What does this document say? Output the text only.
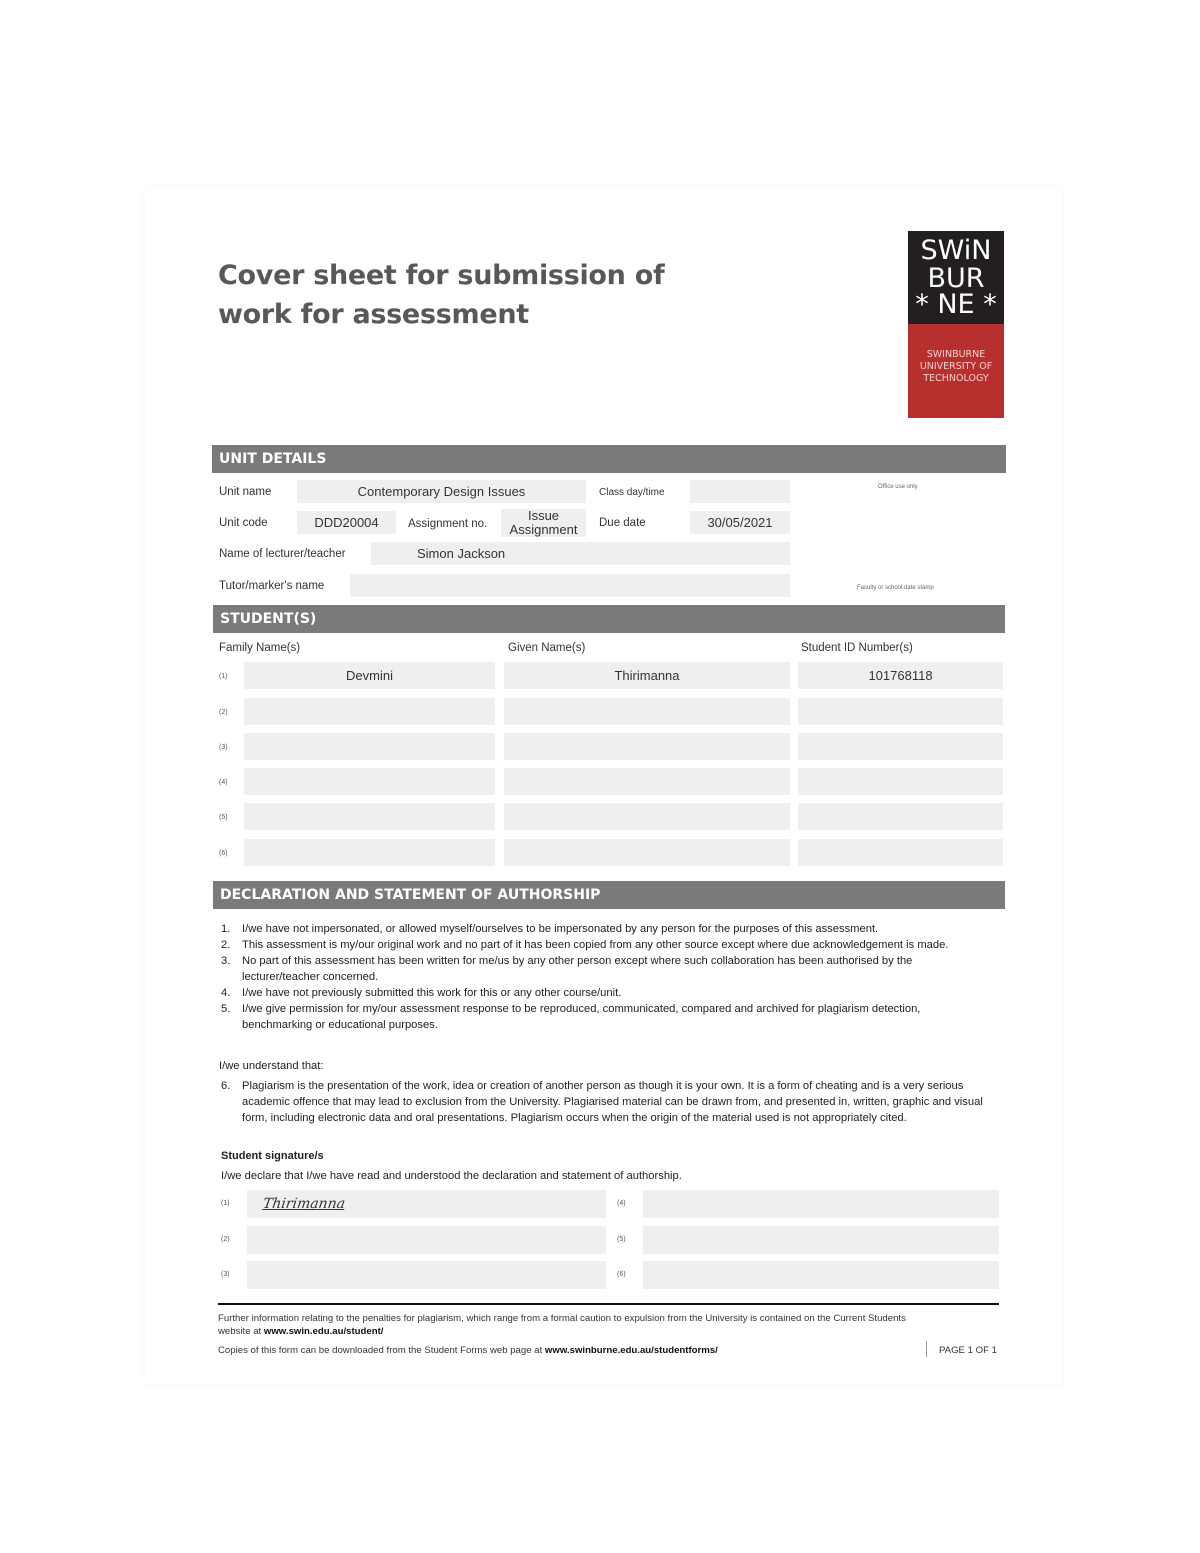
Cover sheet for submission of
work for assessment
SWiN
BUR
* NE *
SWINBURNE
UNIVERSITY OF
TECHNOLOGY
UNIT DETAILS
Unit name	Contemporary Design Issues	Class day/time	Office use only
Unit code	DDD20004	Assignment no.
Issue
Assignment	Due date	30/05/2021
Name of lecturer/teacher	Simon Jackson
Tutor/marker's name	Faculty or school date stamp
STUDENT(S)
Family Name(s)	Given Name(s)	Student ID Number(s)
(1)	Devmini	Thirimanna	101768118
(2)
(3)
(4)
(5)
(6)
DECLARATION AND STATEMENT OF AUTHORSHIP
1. I/we have not impersonated, or allowed myself/ourselves to be impersonated by any person for the purposes of this assessment.
2. This assessment is my/our original work and no part of it has been copied from any other source except where due acknowledgement is made.
3. No part of this assessment has been written for me/us by any other person except where such collaboration has been authorised by the lecturer/teacher concerned.
4. I/we have not previously submitted this work for this or any other course/unit.
5. I/we give permission for my/our assessment response to be reproduced, communicated, compared and archived for plagiarism detection, benchmarking or educational purposes.
I/we understand that:
6. Plagiarism is the presentation of the work, idea or creation of another person as though it is your own. It is a form of cheating and is a very serious academic offence that may lead to exclusion from the University. Plagiarised material can be drawn from, and presented in, written, graphic and visual form, including electronic data and oral presentations. Plagiarism occurs when the origin of the material used is not appropriately cited.
Student signature/s
I/we declare that I/we have read and understood the declaration and statement of authorship.
(1)	Thirimanna
(2)
(3)
(4)
(5)
(6)
Further information relating to the penalties for plagiarism, which range from a formal caution to expulsion from the University is contained on the Current Students
website at www.swin.edu.au/student/
Copies of this form can be downloaded from the Student Forms web page at www.swinburne.edu.au/studentforms/	PAGE 1 OF 1
